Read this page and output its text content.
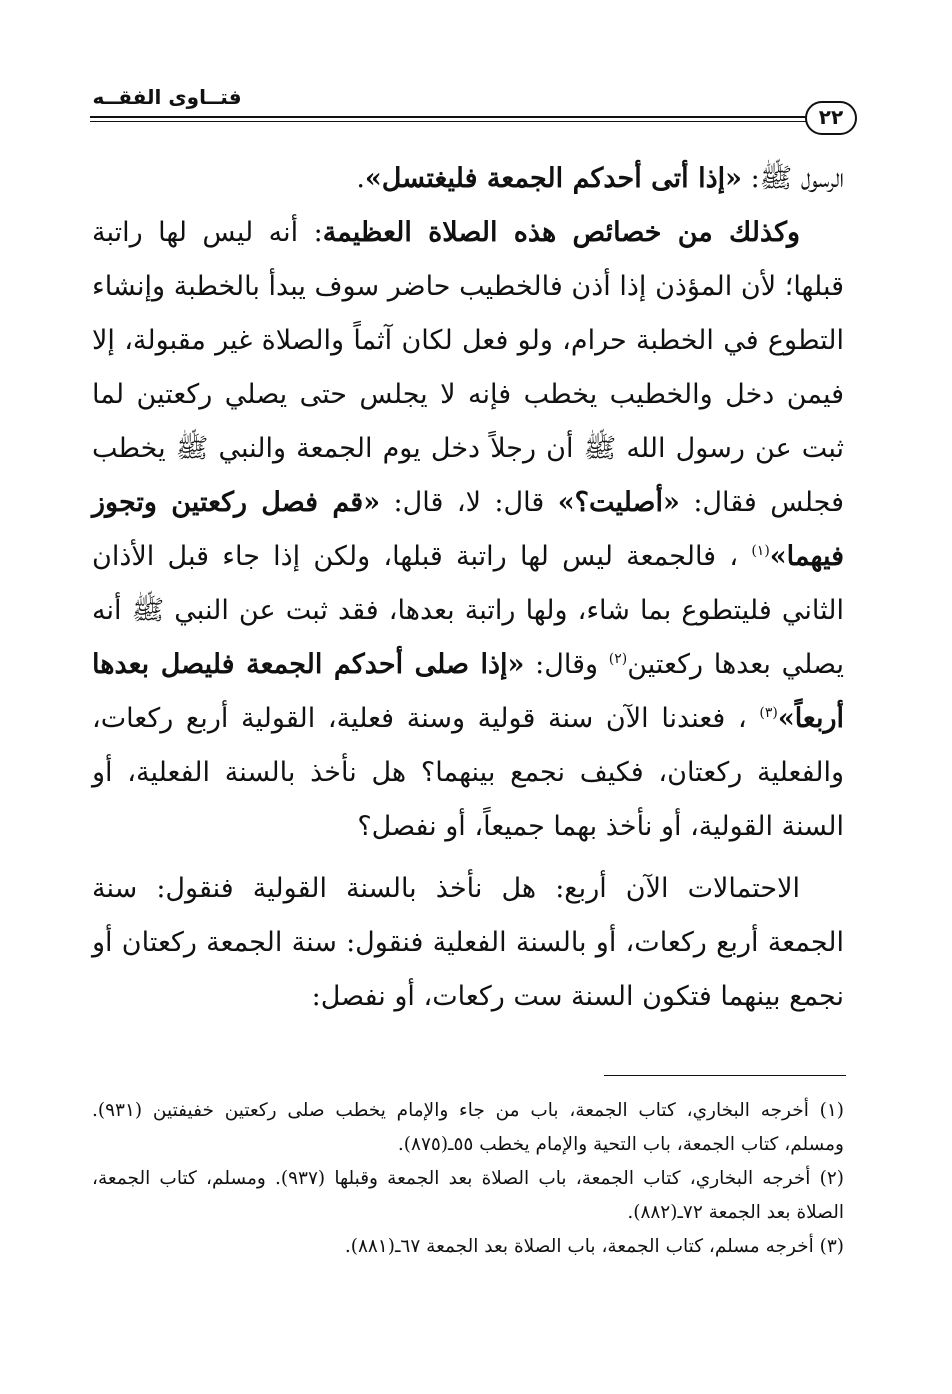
فتــاوى الفقــه
٢٢

الرسول ﷺ: «إذا أتى أحدكم الجمعة فليغتسل».

وكذلك من خصائص هذه الصلاة العظيمة: أنه ليس لها راتبة قبلها؛ لأن المؤذن إذا أذن فالخطيب حاضر سوف يبدأ بالخطبة وإنشاء التطوع في الخطبة حرام، ولو فعل لكان آثماً والصلاة غير مقبولة، إلا فيمن دخل والخطيب يخطب فإنه لا يجلس حتى يصلي ركعتين لما ثبت عن رسول الله ﷺ أن رجلاً دخل يوم الجمعة والنبي ﷺ يخطب فجلس فقال: «أصليت؟» قال: لا، قال: «قم فصل ركعتين وتجوز فيهما»$^{(١)}$ ، فالجمعة ليس لها راتبة قبلها، ولكن إذا جاء قبل الأذان الثاني فليتطوع بما شاء، ولها راتبة بعدها، فقد ثبت عن النبي ﷺ أنه يصلي بعدها ركعتين$^{(٢)}$ وقال: «إذا صلى أحدكم الجمعة فليصل بعدها أربعاً»$^{(٣)}$ ، فعندنا الآن سنة قولية وسنة فعلية، القولية أربع ركعات، والفعلية ركعتان، فكيف نجمع بينهما؟ هل نأخذ بالسنة الفعلية، أو السنة القولية، أو نأخذ بهما جميعاً، أو نفصل؟

الاحتمالات الآن أربع: هل نأخذ بالسنة القولية فنقول: سنة الجمعة أربع ركعات، أو بالسنة الفعلية فنقول: سنة الجمعة ركعتان أو نجمع بينهما فتكون السنة ست ركعات، أو نفصل:

(١) أخرجه البخاري، كتاب الجمعة، باب من جاء والإمام يخطب صلى ركعتين خفيفتين (٩٣١). ومسلم، كتاب الجمعة، باب التحية والإمام يخطب ٥٥ـ(٨٧٥).

(٢) أخرجه البخاري، كتاب الجمعة، باب الصلاة بعد الجمعة وقبلها (٩٣٧). ومسلم، كتاب الجمعة، الصلاة بعد الجمعة ٧٢ـ(٨٨٢).

(٣) أخرجه مسلم، كتاب الجمعة، باب الصلاة بعد الجمعة ٦٧ـ(٨٨١).
